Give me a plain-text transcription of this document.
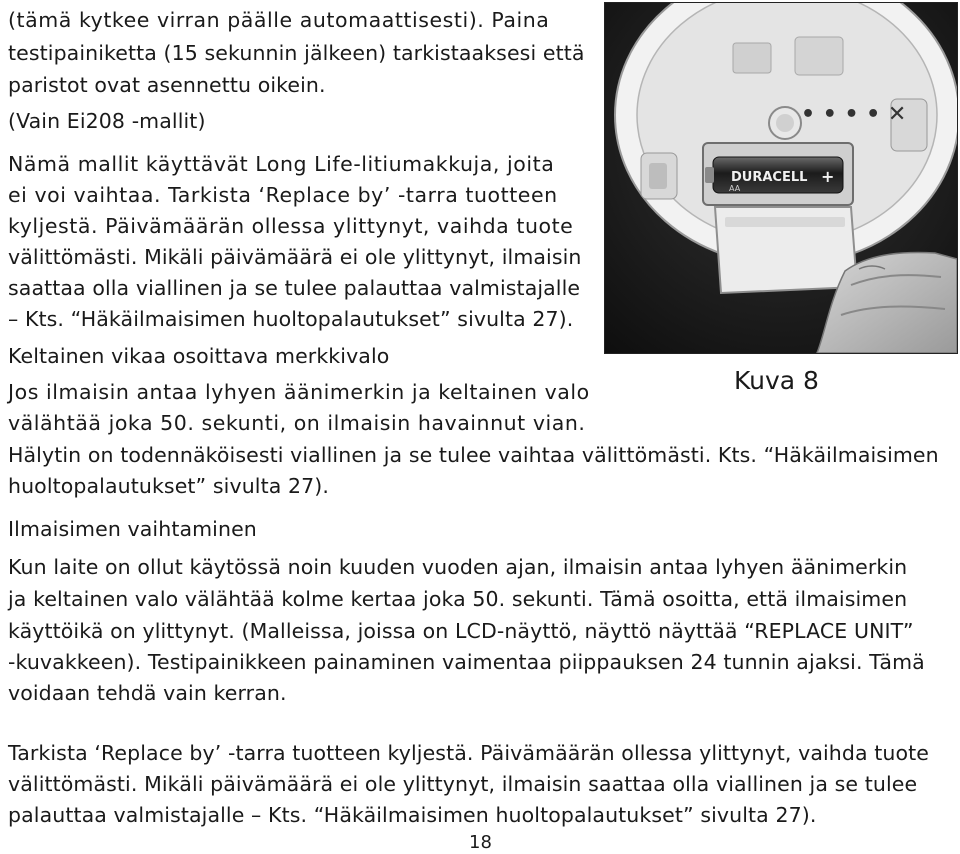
(tämä kytkee virran päälle automaattisesti). Paina
testipainiketta (15 sekunnin jälkeen) tarkistaaksesi että
paristot ovat asennettu oikein.
(Vain Ei208 -mallit)
Nämä mallit käyttävät Long Life-litiumakkuja, joita
ei voi vaihtaa. Tarkista ‘Replace by’ -tarra tuotteen
kyljestä. Päivämäärän ollessa ylittynyt, vaihda tuote
välittömästi. Mikäli päivämäärä ei ole ylittynyt, ilmaisin
saattaa olla viallinen ja se tulee palauttaa valmistajalle
– Kts. “Häkäilmaisimen huoltopalautukset” sivulta 27).
Keltainen vikaa osoittava merkkivalo
Jos ilmaisin antaa lyhyen äänimerkin ja keltainen valo
välähtää joka 50. sekunti, on ilmaisin havainnut vian.
Hälytin on todennäköisesti viallinen ja se tulee vaihtaa välittömästi. Kts. “Häkäilmaisimen
huoltopalautukset” sivulta 27).
Ilmaisimen vaihtaminen
Kun laite on ollut käytössä noin kuuden vuoden ajan, ilmaisin antaa lyhyen äänimerkin
ja keltainen valo välähtää kolme kertaa joka 50. sekunti. Tämä osoitta, että ilmaisimen
käyttöikä on ylittynyt. (Malleissa, joissa on LCD-näyttö, näyttö näyttää “REPLACE UNIT”
-kuvakkeen). Testipainikkeen painaminen vaimentaa piippauksen 24 tunnin ajaksi. Tämä
voidaan tehdä vain kerran.
Tarkista ‘Replace by’ -tarra tuotteen kyljestä. Päivämäärän ollessa ylittynyt, vaihda tuote
välittömästi. Mikäli päivämäärä ei ole ylittynyt, ilmaisin saattaa olla viallinen ja se tulee
palauttaa valmistajalle – Kts. “Häkäilmaisimen huoltopalautukset” sivulta 27).
• • • • ✕
DURACELL
AA
+
Kuva 8
18
